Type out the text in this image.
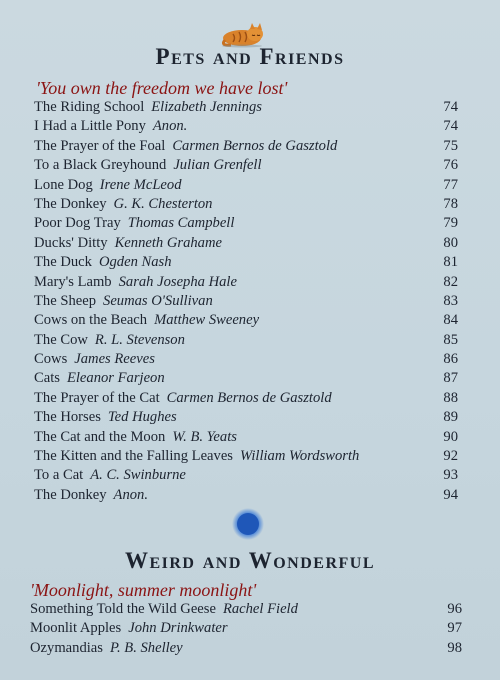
Pets and Friends
'You own the freedom we have lost'
The Riding School Elizabeth Jennings	74
I Had a Little Pony Anon.	74
The Prayer of the Foal Carmen Bernos de Gasztold	75
To a Black Greyhound Julian Grenfell	76
Lone Dog Irene McLeod	77
The Donkey G. K. Chesterton	78
Poor Dog Tray Thomas Campbell	79
Ducks' Ditty Kenneth Grahame	80
The Duck Ogden Nash	81
Mary's Lamb Sarah Josepha Hale	82
The Sheep Seumas O'Sullivan	83
Cows on the Beach Matthew Sweeney	84
The Cow R. L. Stevenson	85
Cows James Reeves	86
Cats Eleanor Farjeon	87
The Prayer of the Cat Carmen Bernos de Gasztold	88
The Horses Ted Hughes	89
The Cat and the Moon W. B. Yeats	90
The Kitten and the Falling Leaves William Wordsworth	92
To a Cat A. C. Swinburne	93
The Donkey Anon.	94
Weird and Wonderful
'Moonlight, summer moonlight'
Something Told the Wild Geese Rachel Field	96
Moonlit Apples John Drinkwater	97
Ozymandias P. B. Shelley	98
